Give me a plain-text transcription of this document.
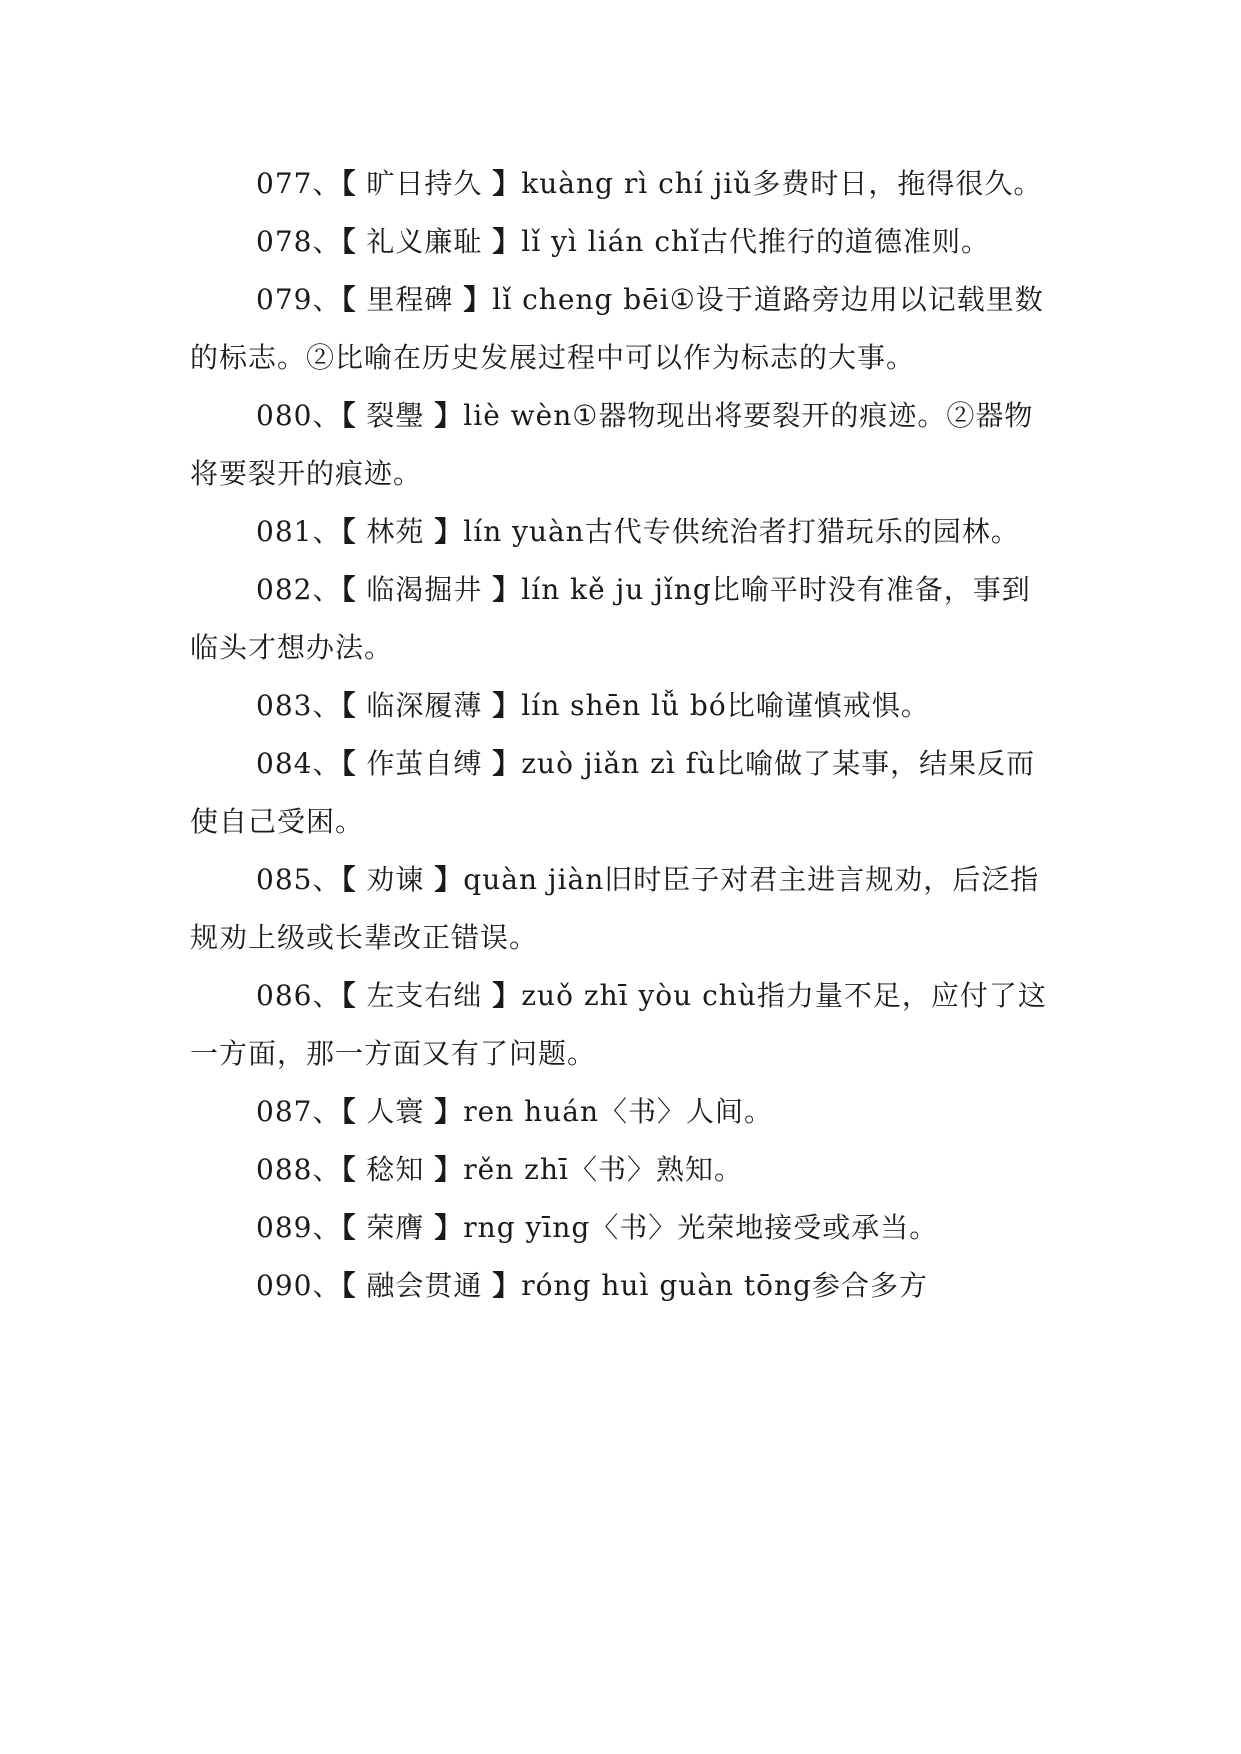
077、【 旷日持久 】kuàng rì chí jiǔ多费时日，拖得很久。

078、【 礼义廉耻 】lǐ yì lián chǐ古代推行的道德准则。

079、【 里程碑 】lǐ cheng bēi①设于道路旁边用以记载里数的标志。②比喻在历史发展过程中可以作为标志的大事。

080、【 裂璺 】liè wèn①器物现出将要裂开的痕迹。②器物将要裂开的痕迹。

081、【 林苑 】lín yuàn古代专供统治者打猎玩乐的园林。

082、【 临渴掘井 】lín kě ju jǐng比喻平时没有准备，事到临头才想办法。

083、【 临深履薄 】lín shēn lǚ bó比喻谨慎戒惧。

084、【 作茧自缚 】zuò jiǎn zì fù比喻做了某事，结果反而使自己受困。

085、【 劝谏 】quàn jiàn旧时臣子对君主进言规劝，后泛指规劝上级或长辈改正错误。

086、【 左支右绌 】zuǒ zhī yòu chù指力量不足，应付了这一方面，那一方面又有了问题。

087、【 人寰 】ren huán〈书〉人间。

088、【 稔知 】rěn zhī〈书〉熟知。

089、【 荣膺 】rng yīng〈书〉光荣地接受或承当。

090、【 融会贯通 】róng huì guàn tōng参合多方
